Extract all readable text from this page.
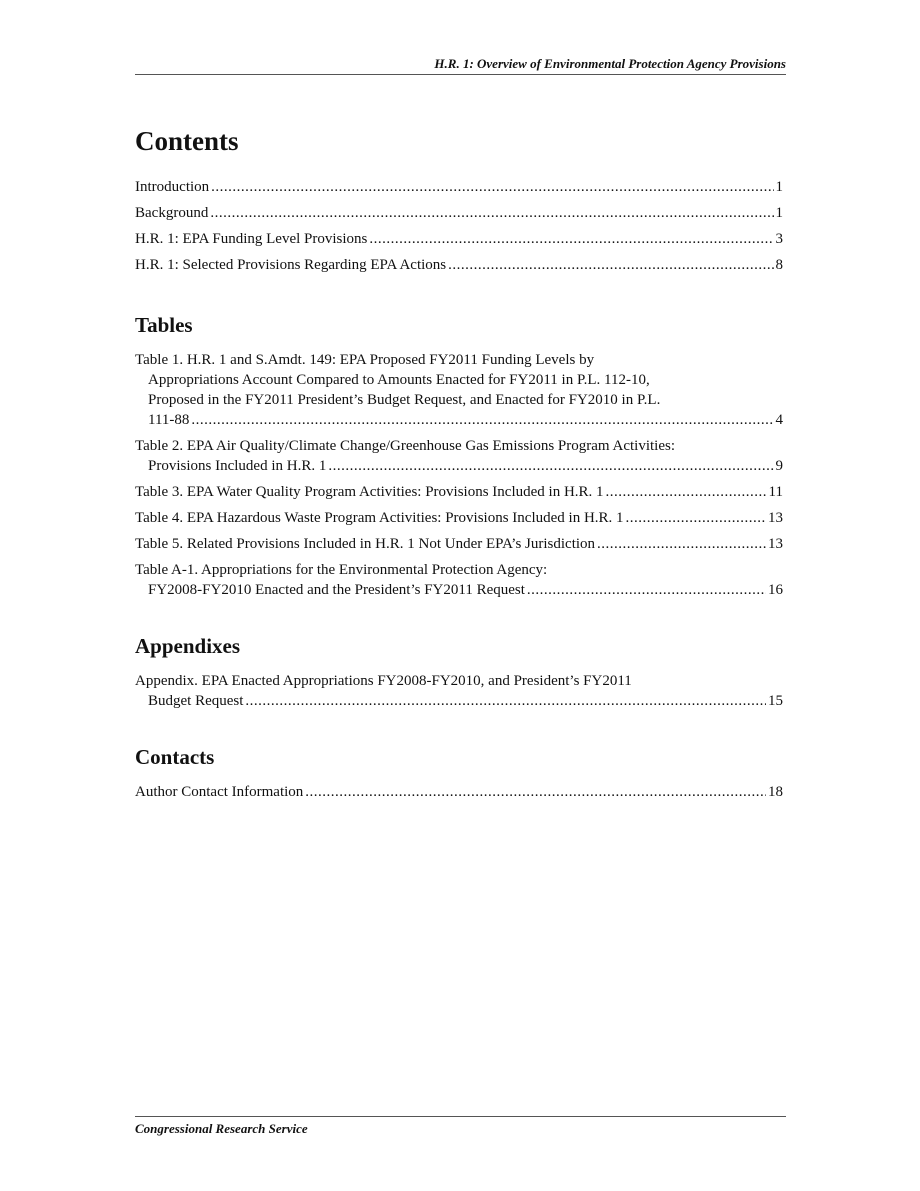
H.R. 1: Overview of Environmental Protection Agency Provisions
Contents
Introduction .....	1
Background .....	1
H.R. 1: EPA Funding Level Provisions .....	3
H.R. 1: Selected Provisions Regarding EPA Actions .....	8
Tables
Table 1. H.R. 1 and S.Amdt. 149: EPA Proposed FY2011 Funding Levels by
Appropriations Account Compared to Amounts Enacted for FY2011 in P.L. 112-10,
Proposed in the FY2011 President’s Budget Request, and Enacted for FY2010 in P.L.
111-88 .....	4
Table 2. EPA Air Quality/Climate Change/Greenhouse Gas Emissions Program Activities:
Provisions Included in H.R. 1 .....	9
Table 3. EPA Water Quality Program Activities: Provisions Included in H.R. 1 .....	11
Table 4. EPA Hazardous Waste Program Activities: Provisions Included in H.R. 1 .....	13
Table 5. Related Provisions Included in H.R. 1 Not Under EPA’s Jurisdiction .....	13
Table A-1. Appropriations for the Environmental Protection Agency:
FY2008-FY2010 Enacted and the President’s FY2011 Request .....	16
Appendixes
Appendix. EPA Enacted Appropriations FY2008-FY2010, and President’s FY2011
Budget Request .....	15
Contacts
Author Contact Information .....	18
Congressional Research Service
